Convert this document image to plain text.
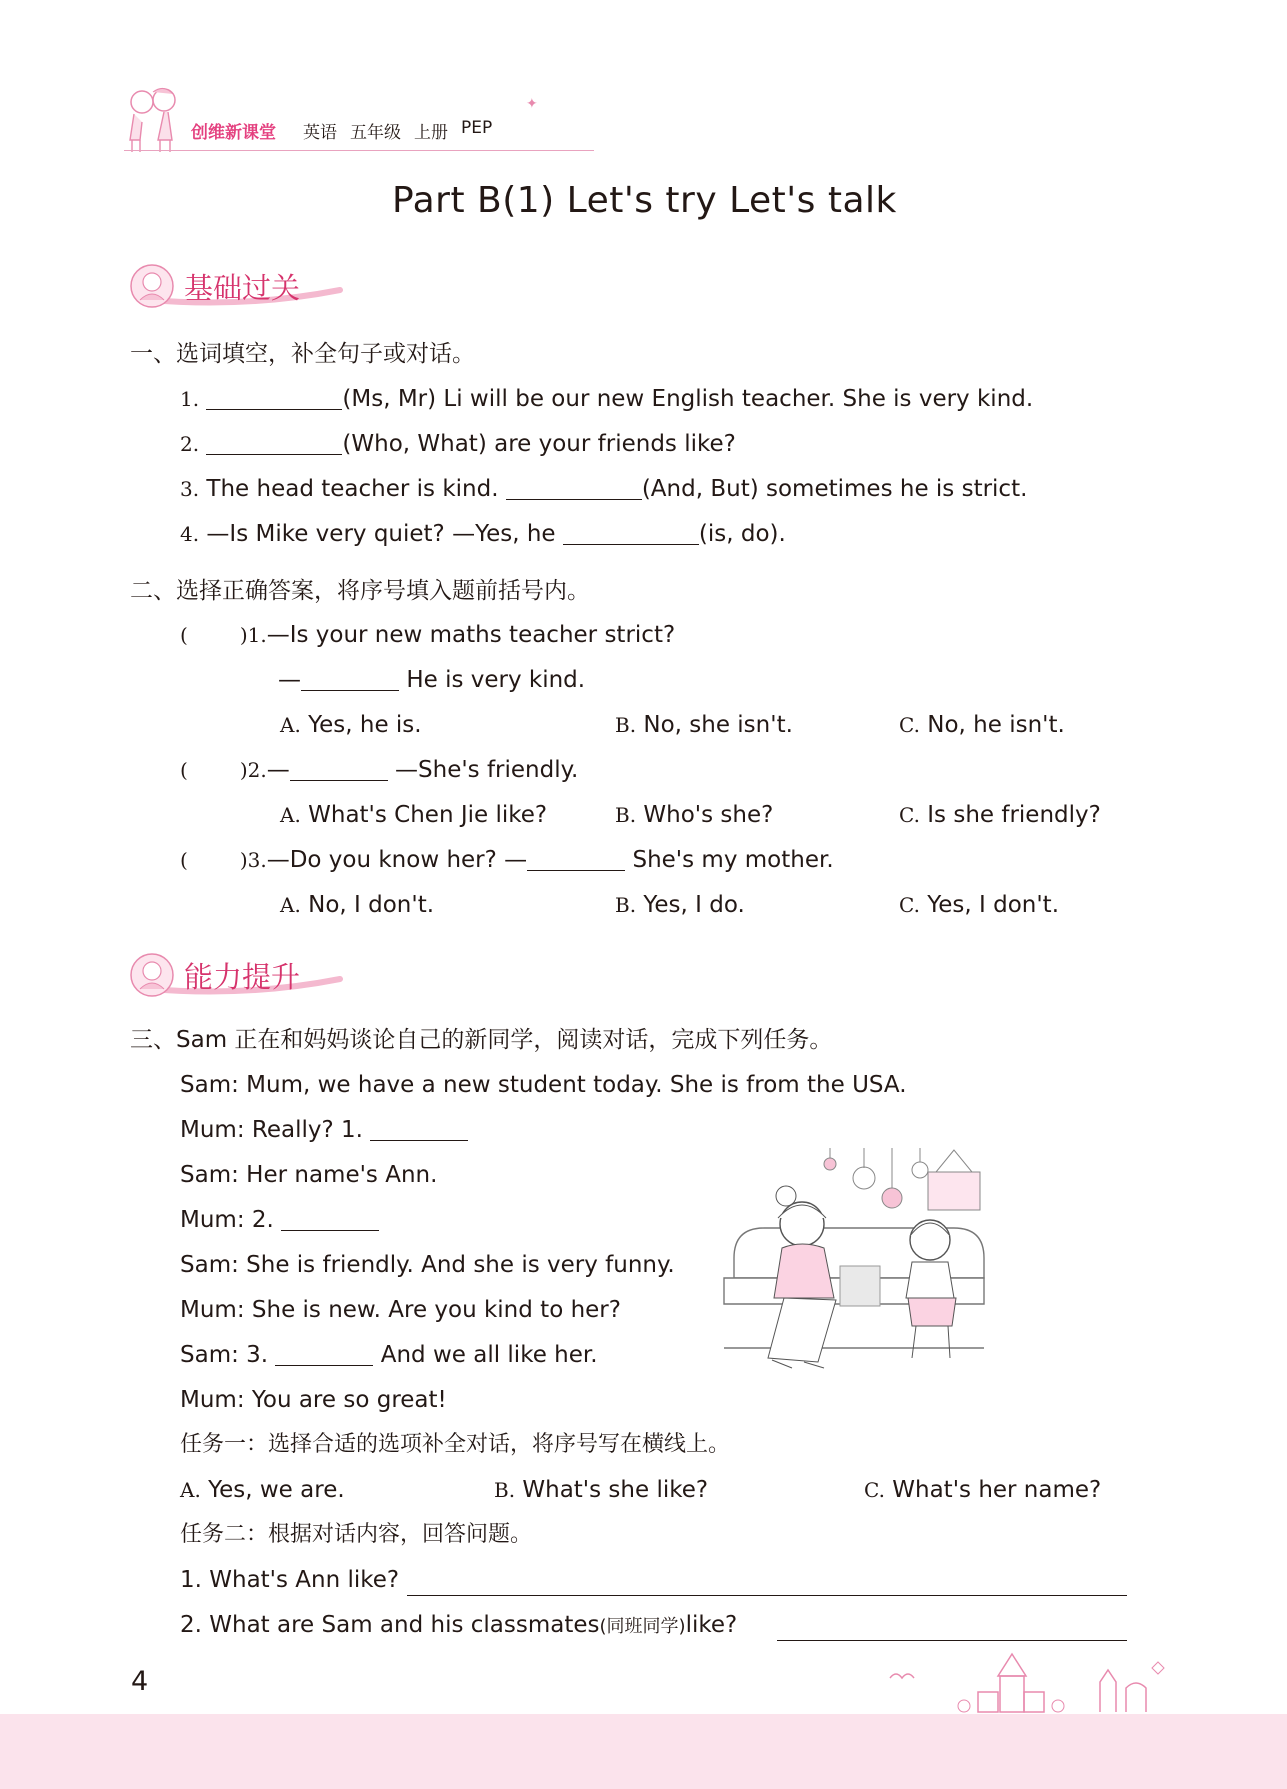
创维新课堂 英语 五年级 上册 PEP
✦
Part B(1) Let's try Let's talk
基础过关
一、选词填空，补全句子或对话。
1.	(Ms, Mr) Li will be our new English teacher. She is very kind.
2.	(Who, What) are your friends like?
3. The head teacher is kind.	(And, But) sometimes he is strict.
4. —Is Mike very quiet? —Yes, he	(is, do).
二、选择正确答案，将序号填入题前括号内。
(	)1.—Is your new maths teacher strict?
—	He is very kind.
A. Yes, he is.	B. No, she isn't.	C. No, he isn't.
(	)2.—	—She's friendly.
A. What's Chen Jie like?	B. Who's she?	C. Is she friendly?
(	)3.—Do you know her? —	She's my mother.
A. No, I don't.	B. Yes, I do.	C. Yes, I don't.
能力提升
三、Sam 正在和妈妈谈论自己的新同学，阅读对话，完成下列任务。
Sam: Mum, we have a new student today. She is from the USA.
Mum: Really? 1.
Sam: Her name's Ann.
Mum: 2.
Sam: She is friendly. And she is very funny.
Mum: She is new. Are you kind to her?
Sam: 3.	And we all like her.
Mum: You are so great!
任务一：选择合适的选项补全对话，将序号写在横线上。
A. Yes, we are.	B. What's she like?	C. What's her name?
任务二：根据对话内容，回答问题。
1. What's Ann like?
2. What are Sam and his classmates(同班同学)like?
4
